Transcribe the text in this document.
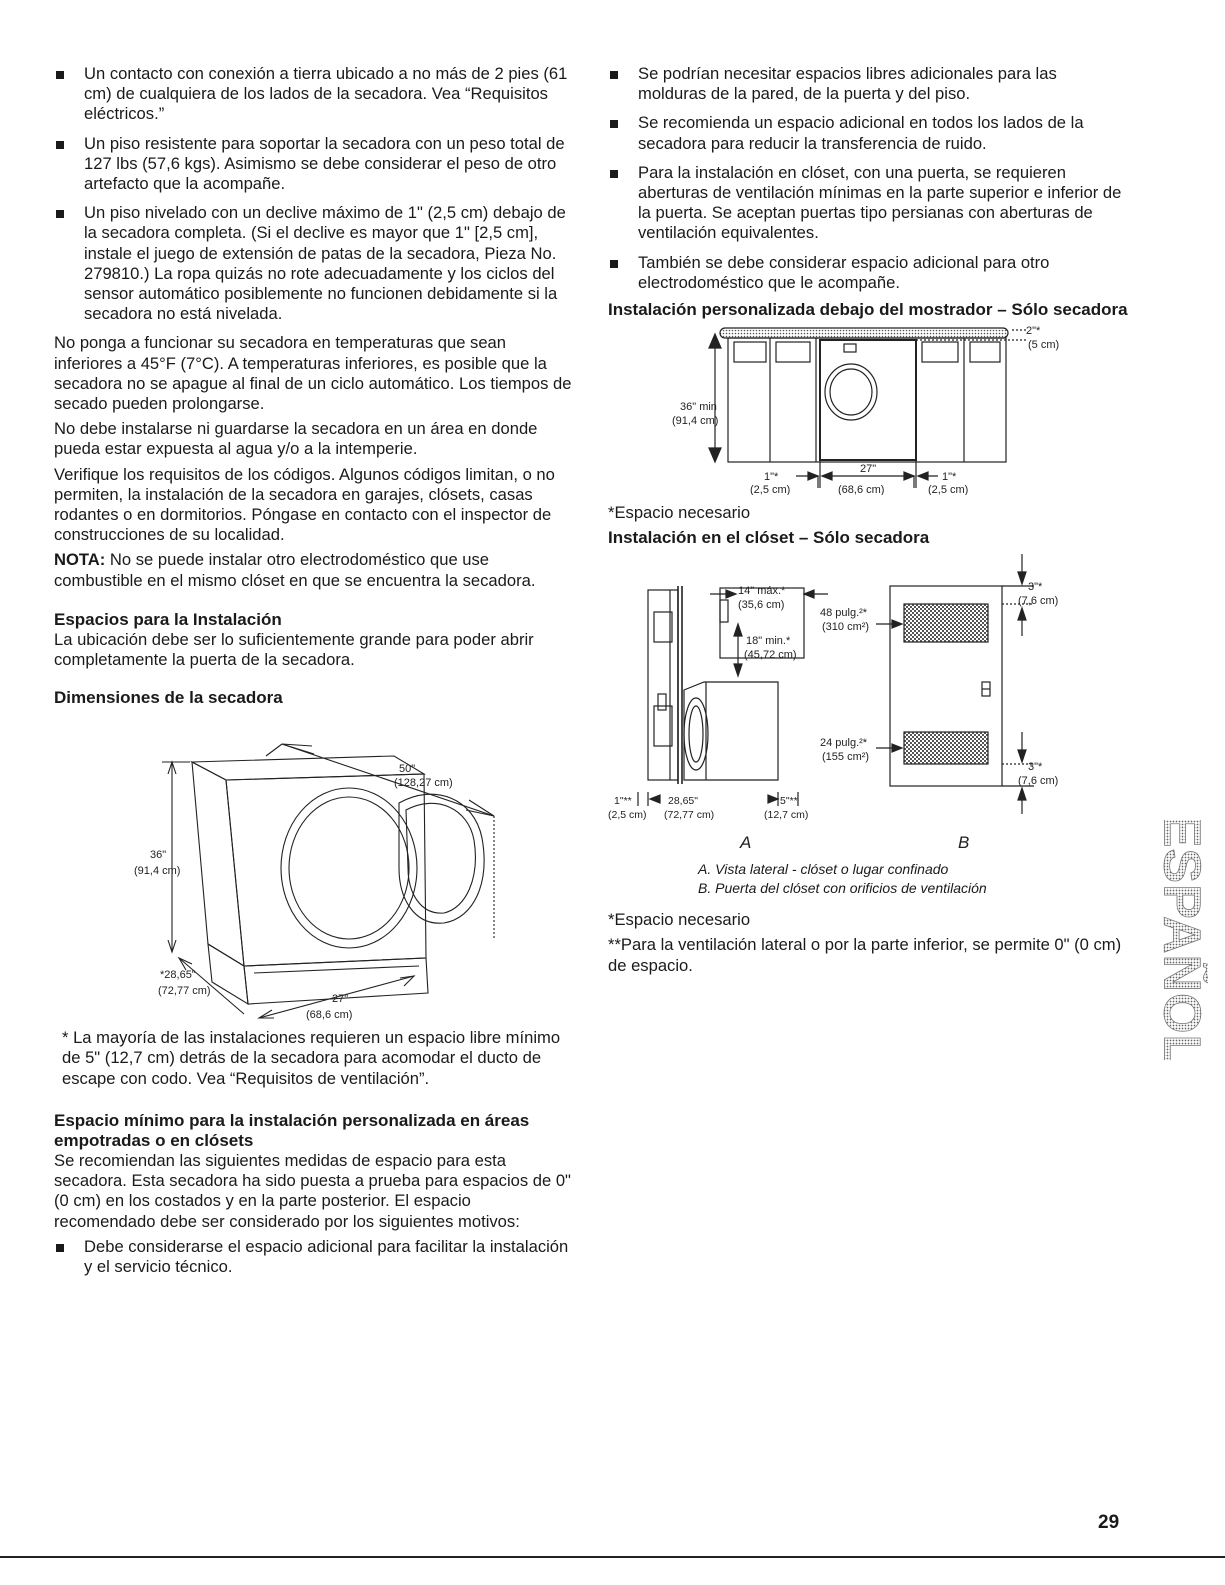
Un contacto con conexión a tierra ubicado a no más de 2 pies (61 cm) de cualquiera de los lados de la secadora. Vea “Requisitos eléctricos.”
Un piso resistente para soportar la secadora con un peso total de 127 lbs (57,6 kgs). Asimismo se debe considerar el peso de otro artefacto que la acompañe.
Un piso nivelado con un declive máximo de 1" (2,5 cm) debajo de la secadora completa. (Si el declive es mayor que 1" [2,5 cm], instale el juego de extensión de patas de la secadora, Pieza No. 279810.) La ropa quizás no rote adecuadamente y los ciclos del sensor automático posiblemente no funcionen debidamente si la secadora no está nivelada.

No ponga a funcionar su secadora en temperaturas que sean inferiores a 45°F (7°C). A temperaturas inferiores, es posible que la secadora no se apague al final de un ciclo automático. Los tiempos de secado pueden prolongarse.

No debe instalarse ni guardarse la secadora en un área en donde pueda estar expuesta al agua y/o a la intemperie.

Verifique los requisitos de los códigos. Algunos códigos limitan, o no permiten, la instalación de la secadora en garajes, clósets, casas rodantes o en dormitorios. Póngase en contacto con el inspector de construcciones de su localidad.

NOTA: No se puede instalar otro electrodoméstico que use combustible en el mismo clóset en que se encuentra la secadora.

Espacios para la Instalación

La ubicación debe ser lo suficientemente grande para poder abrir completamente la puerta de la secadora.

Dimensiones de la secadora
50"
(128,27 cm)
36"
(91,4 cm)
*28,65"
(72,77 cm)
27"
(68,6 cm)

* La mayoría de las instalaciones requieren un espacio libre mínimo de 5" (12,7 cm) detrás de la secadora para acomodar el ducto de escape con codo. Vea “Requisitos de ventilación”.

Espacio mínimo para la instalación personalizada en áreas empotradas o en clósets

Se recomiendan las siguientes medidas de espacio para esta secadora. Esta secadora ha sido puesta a prueba para espacios de 0" (0 cm) en los costados y en la parte posterior. El espacio recomendado debe ser considerado por los siguientes motivos:

Debe considerarse el espacio adicional para facilitar la instalación y el servicio técnico.
Se podrían necesitar espacios libres adicionales para las molduras de la pared, de la puerta y del piso.
Se recomienda un espacio adicional en todos los lados de la secadora para reducir la transferencia de ruido.
Para la instalación en clóset, con una puerta, se requieren aberturas de ventilación mínimas en la parte superior e inferior de la puerta. Se aceptan puertas tipo persianas con aberturas de ventilación equivalentes.
También se debe considerar espacio adicional para otro electrodoméstico que le acompañe.
Instalación personalizada debajo del mostrador – Sólo secadora
2"*
(5 cm)
36" min
(91,4 cm)
1"*
(2,5 cm)
27"
(68,6 cm)
1"*
(2,5 cm)

*Espacio necesario

Instalación en el clóset – Sólo secadora
14" máx.*
(35,6 cm)
18" min.*
(45,72 cm)
1"**	28,65"	5"**
(2,5 cm) (72,77 cm)	(12,7 cm)
48 pulg.²*
(310 cm²)
24 pulg.²*
(155 cm²)
3"*
(7,6 cm)
3"*
(7,6 cm)
A	B
A. Vista lateral - clóset o lugar confinado
B. Puerta del clóset con orificios de ventilación

*Espacio necesario

**Para la ventilación lateral o por la parte inferior, se permite 0" (0 cm) de espacio.	ESPAÑOL
29
